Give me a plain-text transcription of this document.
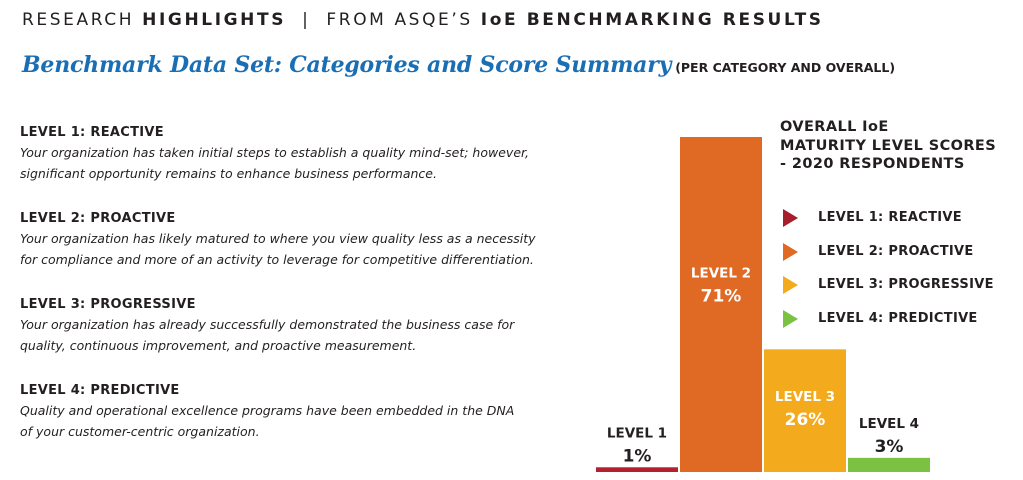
RESEARCH HIGHLIGHTS  |  FROM ASQE’S IoE BENCHMARKING RESULTS
Benchmark Data Set: Categories and Score Summary (PER CATEGORY AND OVERALL)
LEVEL 1: REACTIVE
Your organization has taken initial steps to establish a quality mind-set; however,
significant opportunity remains to enhance business performance.
LEVEL 2: PROACTIVE
Your organization has likely matured to where you view quality less as a necessity
for compliance and more of an activity to leverage for competitive differentiation.
LEVEL 3: PROGRESSIVE
Your organization has already successfully demonstrated the business case for
quality, continuous improvement, and proactive measurement.
LEVEL 4: PREDICTIVE
Quality and operational excellence programs have been embedded in the DNA
of your customer-centric organization.	LEVEL 1
1%
LEVEL 2
71%
LEVEL 3
26% LEVEL 4
3%
OVERALL IoE
MATURITY LEVEL SCORES
- 2020 RESPONDENTS
LEVEL 1: REACTIVE
LEVEL 2: PROACTIVE
LEVEL 3: PROGRESSIVE
LEVEL 4: PREDICTIVE
